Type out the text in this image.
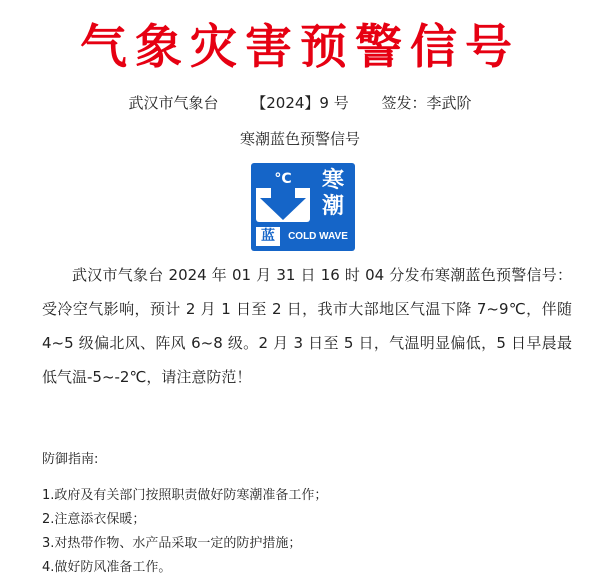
气象灾害预警信号
武汉市气象台 【2024】9 号 签发：李武阶
寒潮蓝色预警信号
°C	寒潮
蓝	COLD WAVE
武汉市气象台 2024 年 01 月 31 日 16 时 04 分发布寒潮蓝色预警信号：受冷空气影响，预计 2 月 1 日至 2 日，我市大部地区气温下降 7~9℃，伴随 4~5 级偏北风、阵风 6~8 级。2 月 3 日至 5 日，气温明显偏低，5 日早晨最低气温-5~-2℃，请注意防范！
防御指南:
1.政府及有关部门按照职责做好防寒潮准备工作；
2.注意添衣保暖；
3.对热带作物、水产品采取一定的防护措施；
4.做好防风准备工作。
